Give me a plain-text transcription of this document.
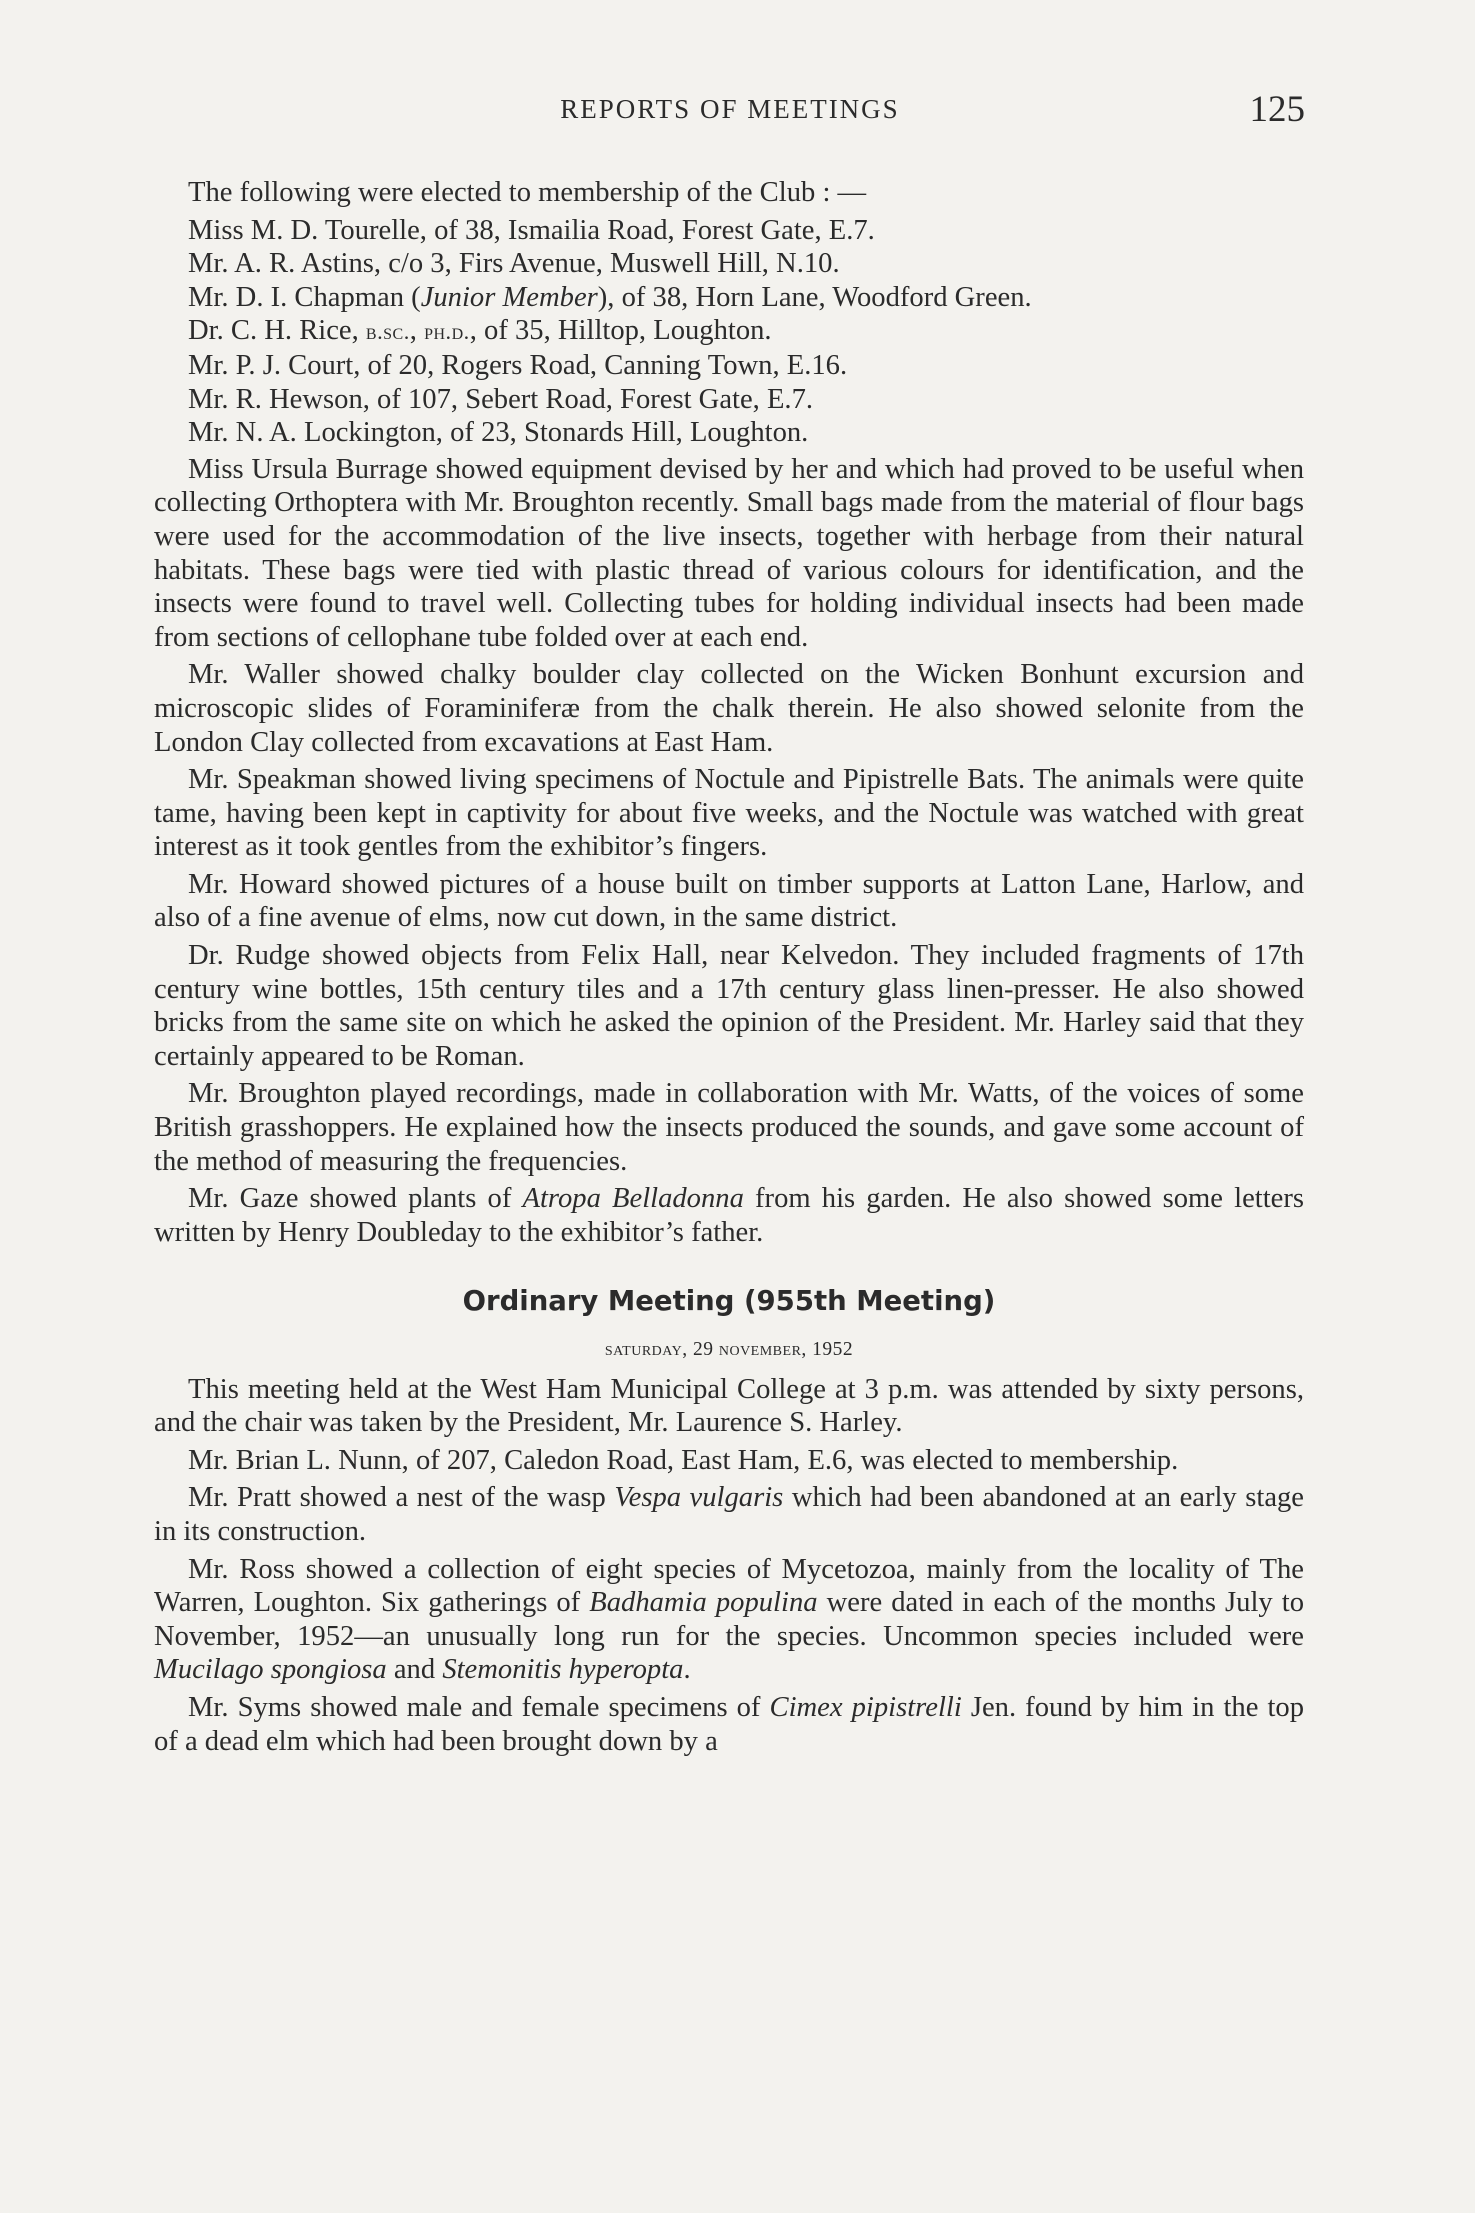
REPORTS OF MEETINGS	125

The following were elected to membership of the Club : —

Miss M. D. Tourelle, of 38, Ismailia Road, Forest Gate, E.7.
Mr. A. R. Astins, c/o 3, Firs Avenue, Muswell Hill, N.10.
Mr. D. I. Chapman (Junior Member), of 38, Horn Lane, Woodford Green.
Dr. C. H. Rice, b.sc., ph.d., of 35, Hilltop, Loughton.
Mr. P. J. Court, of 20, Rogers Road, Canning Town, E.16.
Mr. R. Hewson, of 107, Sebert Road, Forest Gate, E.7.
Mr. N. A. Lockington, of 23, Stonards Hill, Loughton.

Miss Ursula Burrage showed equipment devised by her and which had proved to be useful when collecting Orthoptera with Mr. Broughton recently. Small bags made from the material of flour bags were used for the accommodation of the live insects, together with herbage from their natural habitats. These bags were tied with plastic thread of various colours for identification, and the insects were found to travel well. Collecting tubes for holding individual insects had been made from sections of cellophane tube folded over at each end.

Mr. Waller showed chalky boulder clay collected on the Wicken Bonhunt excursion and microscopic slides of Foraminiferæ from the chalk therein. He also showed selonite from the London Clay collected from excavations at East Ham.

Mr. Speakman showed living specimens of Noctule and Pipistrelle Bats. The animals were quite tame, having been kept in captivity for about five weeks, and the Noctule was watched with great interest as it took gentles from the exhibitor’s fingers.

Mr. Howard showed pictures of a house built on timber supports at Latton Lane, Harlow, and also of a fine avenue of elms, now cut down, in the same district.

Dr. Rudge showed objects from Felix Hall, near Kelvedon. They included fragments of 17th century wine bottles, 15th century tiles and a 17th century glass linen-presser. He also showed bricks from the same site on which he asked the opinion of the President. Mr. Harley said that they certainly appeared to be Roman.

Mr. Broughton played recordings, made in collaboration with Mr. Watts, of the voices of some British grasshoppers. He explained how the insects produced the sounds, and gave some account of the method of measuring the frequencies.

Mr. Gaze showed plants of Atropa Belladonna from his garden. He also showed some letters written by Henry Doubleday to the exhibitor’s father.

Ordinary Meeting (955th Meeting)
saturday, 29 november, 1952

This meeting held at the West Ham Municipal College at 3 p.m. was attended by sixty persons, and the chair was taken by the President, Mr. Laurence S. Harley.

Mr. Brian L. Nunn, of 207, Caledon Road, East Ham, E.6, was elected to membership.

Mr. Pratt showed a nest of the wasp Vespa vulgaris which had been abandoned at an early stage in its construction.

Mr. Ross showed a collection of eight species of Mycetozoa, mainly from the locality of The Warren, Loughton. Six gatherings of Badhamia populina were dated in each of the months July to November, 1952—an unusually long run for the species. Uncommon species included were Mucilago spongiosa and Stemonitis hyperopta.

Mr. Syms showed male and female specimens of Cimex pipistrelli Jen. found by him in the top of a dead elm which had been brought down by a
